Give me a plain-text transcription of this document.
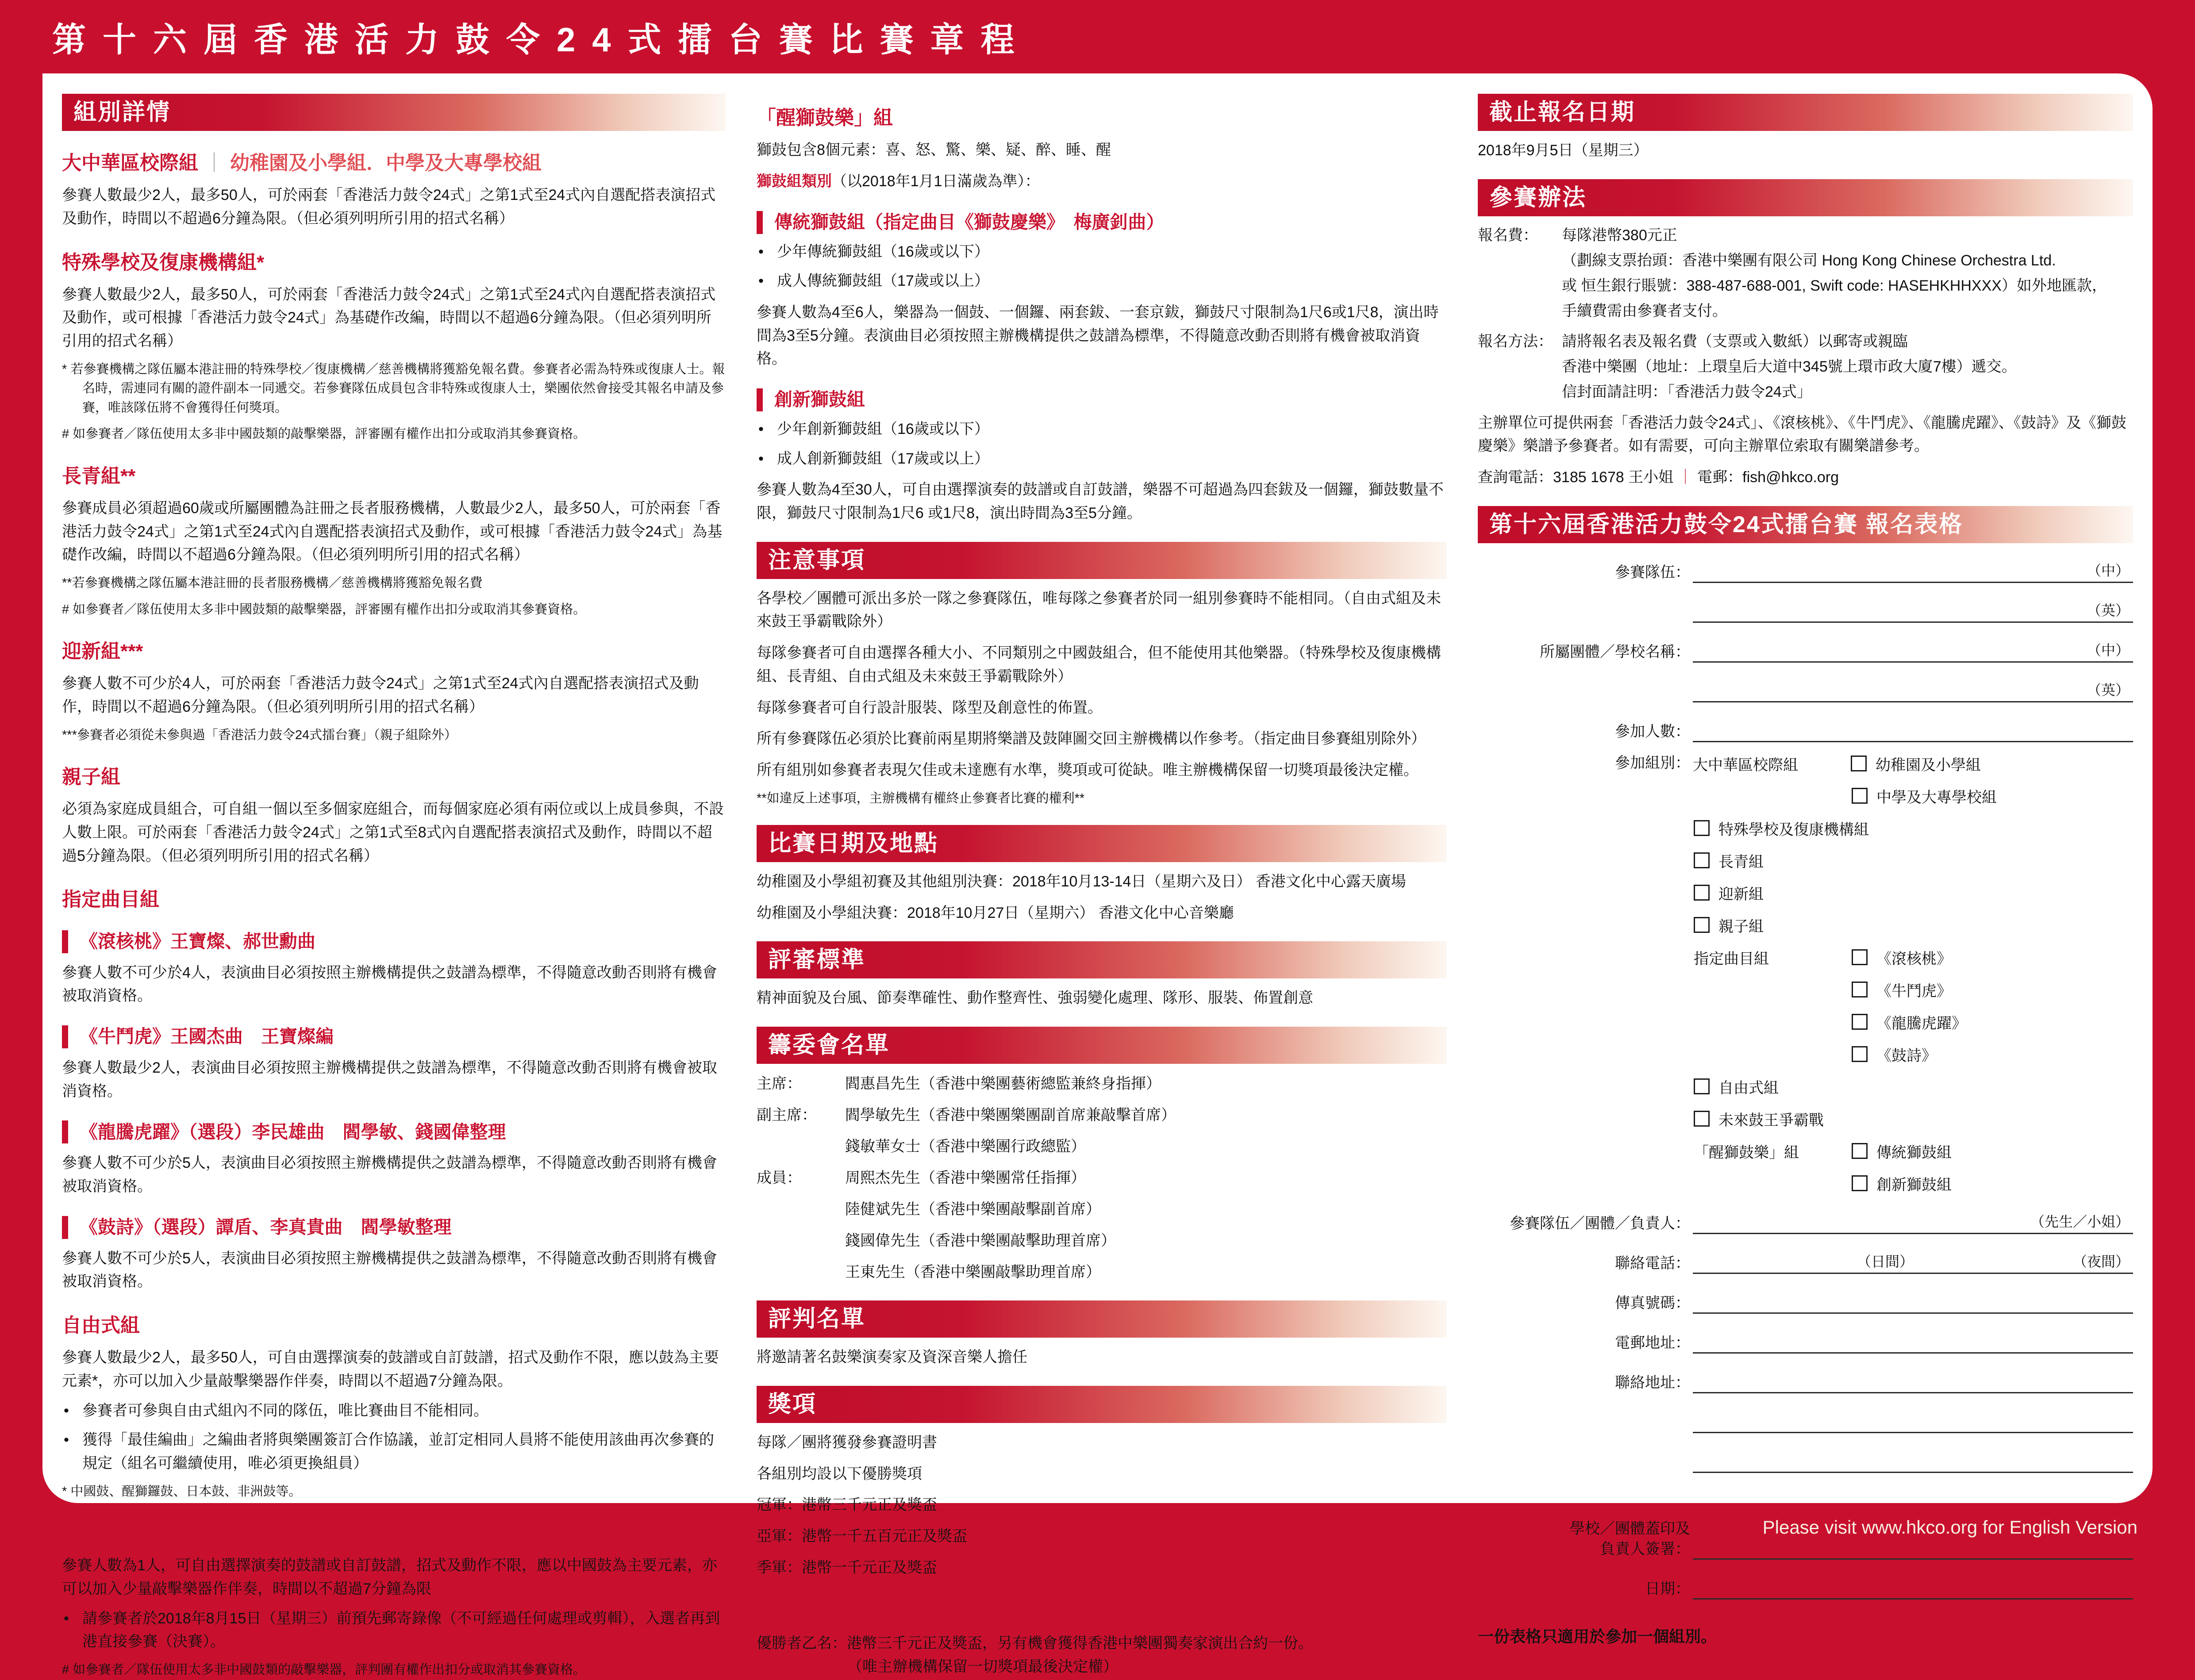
第十六屆香港活力鼓令24式擂台賽比賽章程
組別詳情
大中華區校際組 ｜ 幼稚園及小學組．中學及大專學校組
參賽人數最少2人，最多50人，可於兩套「香港活力鼓令24式」之第1式至24式內自選配搭表演招式及動作，時間以不超過6分鐘為限。（但必須列明所引用的招式名稱）
特殊學校及復康機構組*
參賽人數最少2人，最多50人，可於兩套「香港活力鼓令24式」之第1式至24式內自選配搭表演招式及動作，或可根據「香港活力鼓令24式」為基礎作改編，時間以不超過6分鐘為限。（但必須列明所引用的招式名稱）
* 若參賽機構之隊伍屬本港註冊的特殊學校／復康機構／慈善機構將獲豁免報名費。參賽者必需為特殊或復康人士。報名時，需連同有關的證件副本一同遞交。若參賽隊伍成員包含非特殊或復康人士，樂團依然會接受其報名申請及參賽，唯該隊伍將不會獲得任何獎項。
# 如參賽者／隊伍使用太多非中國鼓類的敲擊樂器，評審團有權作出扣分或取消其參賽資格。
長青組**
參賽成員必須超過60歲或所屬團體為註冊之長者服務機構，人數最少2人，最多50人，可於兩套「香港活力鼓令24式」之第1式至24式內自選配搭表演招式及動作，或可根據「香港活力鼓令24式」為基礎作改編，時間以不超過6分鐘為限。（但必須列明所引用的招式名稱）
**若參賽機構之隊伍屬本港註冊的長者服務機構／慈善機構將獲豁免報名費
# 如參賽者／隊伍使用太多非中國鼓類的敲擊樂器，評審團有權作出扣分或取消其參賽資格。
迎新組***
參賽人數不可少於4人，可於兩套「香港活力鼓令24式」之第1式至24式內自選配搭表演招式及動作，時間以不超過6分鐘為限。（但必須列明所引用的招式名稱）
***參賽者必須從未參與過「香港活力鼓令24式擂台賽」（親子組除外）
親子組
必須為家庭成員組合，可自組一個以至多個家庭組合，而每個家庭必須有兩位或以上成員參與，不設人數上限。可於兩套「香港活力鼓令24式」之第1式至8式內自選配搭表演招式及動作，時間以不超過5分鐘為限。（但必須列明所引用的招式名稱）
指定曲目組
《滾核桃》王寶燦、郝世勳曲
參賽人數不可少於4人，表演曲目必須按照主辦機構提供之鼓譜為標準，不得隨意改動否則將有機會被取消資格。
《牛鬥虎》王國杰曲　王寶燦編
參賽人數最少2人，表演曲目必須按照主辦機構提供之鼓譜為標準，不得隨意改動否則將有機會被取消資格。
《龍騰虎躍》（選段）李民雄曲　閻學敏、錢國偉整理
參賽人數不可少於5人，表演曲目必須按照主辦機構提供之鼓譜為標準，不得隨意改動否則將有機會被取消資格。
《鼓詩》（選段）譚盾、李真貴曲　閻學敏整理
參賽人數不可少於5人，表演曲目必須按照主辦機構提供之鼓譜為標準，不得隨意改動否則將有機會被取消資格。
自由式組
參賽人數最少2人，最多50人，可自由選擇演奏的鼓譜或自訂鼓譜，招式及動作不限，應以鼓為主要元素*，亦可以加入少量敲擊樂器作伴奏，時間以不超過7分鐘為限。
• 參賽者可參與自由式組內不同的隊伍，唯比賽曲目不能相同。
• 獲得「最佳編曲」之編曲者將與樂團簽訂合作協議，並訂定相同人員將不能使用該曲再次參賽的規定（組名可繼續使用，唯必須更換組員）
* 中國鼓、醒獅鑼鼓、日本鼓、非洲鼓等。
未來鼓王爭霸戰（歡迎任何已達專業演出水準人士參加）
參賽人數為1人，可自由選擇演奏的鼓譜或自訂鼓譜，招式及動作不限，應以中國鼓為主要元素，亦可以加入少量敲擊樂器作伴奏，時間以不超過7分鐘為限
• 請參賽者於2018年8月15日（星期三）前預先郵寄錄像（不可經過任何處理或剪輯），入選者再到港直接參賽（決賽）。
# 如參賽者／隊伍使用太多非中國鼓類的敲擊樂器，評判團有權作出扣分或取消其參賽資格。
「醒獅鼓樂」組
獅鼓包含8個元素：喜、怒、驚、樂、疑、醉、睡、醒
獅鼓組類別（以2018年1月1日滿歲為準）：
傳統獅鼓組（指定曲目《獅鼓慶樂》　梅廣釗曲）
• 少年傳統獅鼓組（16歲或以下）
• 成人傳統獅鼓組（17歲或以上）
參賽人數為4至6人，樂器為一個鼓、一個鑼、兩套鈸、一套京鈸，獅鼓尺寸限制為1尺6或1尺8，演出時間為3至5分鐘。表演曲目必須按照主辦機構提供之鼓譜為標準，不得隨意改動否則將有機會被取消資格。
創新獅鼓組
• 少年創新獅鼓組（16歲或以下）
• 成人創新獅鼓組（17歲或以上）
參賽人數為4至30人，可自由選擇演奏的鼓譜或自訂鼓譜，樂器不可超過為四套鈸及一個鑼，獅鼓數量不限，獅鼓尺寸限制為1尺6 或1尺8，演出時間為3至5分鐘。
注意事項
各學校／團體可派出多於一隊之參賽隊伍，唯每隊之參賽者於同一組別參賽時不能相同。（自由式組及未來鼓王爭霸戰除外）
每隊參賽者可自由選擇各種大小、不同類別之中國鼓組合，但不能使用其他樂器。（特殊學校及復康機構組、長青組、自由式組及未來鼓王爭霸戰除外）
每隊參賽者可自行設計服裝、隊型及創意性的佈置。
所有參賽隊伍必須於比賽前兩星期將樂譜及鼓陣圖交回主辦機構以作參考。（指定曲目參賽組別除外）
所有組別如參賽者表現欠佳或未達應有水準，獎項或可從缺。唯主辦機構保留一切獎項最後決定權。
**如違反上述事項，主辦機構有權終止參賽者比賽的權利**
比賽日期及地點
幼稚園及小學組初賽及其他組別決賽：2018年10月13-14日（星期六及日） 香港文化中心露天廣場
幼稚園及小學組決賽：2018年10月27日（星期六） 香港文化中心音樂廳
評審標準
精神面貌及台風、節奏準確性、動作整齊性、強弱變化處理、隊形、服裝、佈置創意
籌委會名單
主席：	閻惠昌先生（香港中樂團藝術總監兼終身指揮）
副主席：	閻學敏先生（香港中樂團樂團副首席兼敲擊首席）
錢敏華女士（香港中樂團行政總監）
成員：	周熙杰先生（香港中樂團常任指揮）
陸健斌先生（香港中樂團敲擊副首席）
錢國偉先生（香港中樂團敲擊助理首席）
王東先生（香港中樂團敲擊助理首席）
評判名單
將邀請著名鼓樂演奏家及資深音樂人擔任
獎項
每隊／團將獲發參賽證明書
各組別均設以下優勝獎項
冠軍：港幣三千元正及獎盃
亞軍：港幣一千五百元正及獎盃
季軍：港幣一千元正及獎盃
未來鼓王爭霸戰比賽
優勝者乙名：港幣三千元正及獎盃，另有機會獲得香港中樂團獨奏家演出合約一份。
（唯主辦機構保留一切獎項最後決定權）
截止報名日期
2018年9月5日（星期三）
參賽辦法
報名費：	每隊港幣380元正
（劃線支票抬頭：香港中樂團有限公司 Hong Kong Chinese Orchestra Ltd.
或 恒生銀行賬號：388-487-688-001, Swift code: HASEHKHHXXX）如外地匯款，
手續費需由參賽者支付。
報名方法： 請將報名表及報名費（支票或入數紙）以郵寄或親臨
香港中樂團（地址：上環皇后大道中345號上環市政大廈7樓）遞交。
信封面請註明：「香港活力鼓令24式」
主辦單位可提供兩套「香港活力鼓令24式」、《滾核桃》、《牛鬥虎》、《龍騰虎躍》、《鼓詩》及《獅鼓慶樂》樂譜予參賽者。如有需要，可向主辦單位索取有關樂譜參考。
查詢電話：3185 1678 王小姐 ｜ 電郵：fish@hkco.org
第十六屆香港活力鼓令24式擂台賽 報名表格
參賽隊伍：	（中）
（英）
所屬團體／學校名稱：	（中）
（英）
參加人數：
參加組別： 大中華區校際組	幼稚園及小學組
中學及大專學校組
特殊學校及復康機構組
長青組
迎新組
親子組
指定曲目組	《滾核桃》
《牛鬥虎》
《龍騰虎躍》
《鼓詩》
自由式組
未來鼓王爭霸戰
「醒獅鼓樂」組	傳統獅鼓組
創新獅鼓組
參賽隊伍／團體／負責人：	（先生／小姐）
聯絡電話：	（日間）	（夜間）
傳真號碼：
電郵地址：
聯絡地址：
學校／團體蓋印及
負責人簽署：
日期：
一份表格只適用於參加一個組別。
Please visit www.hkco.org for English Version
